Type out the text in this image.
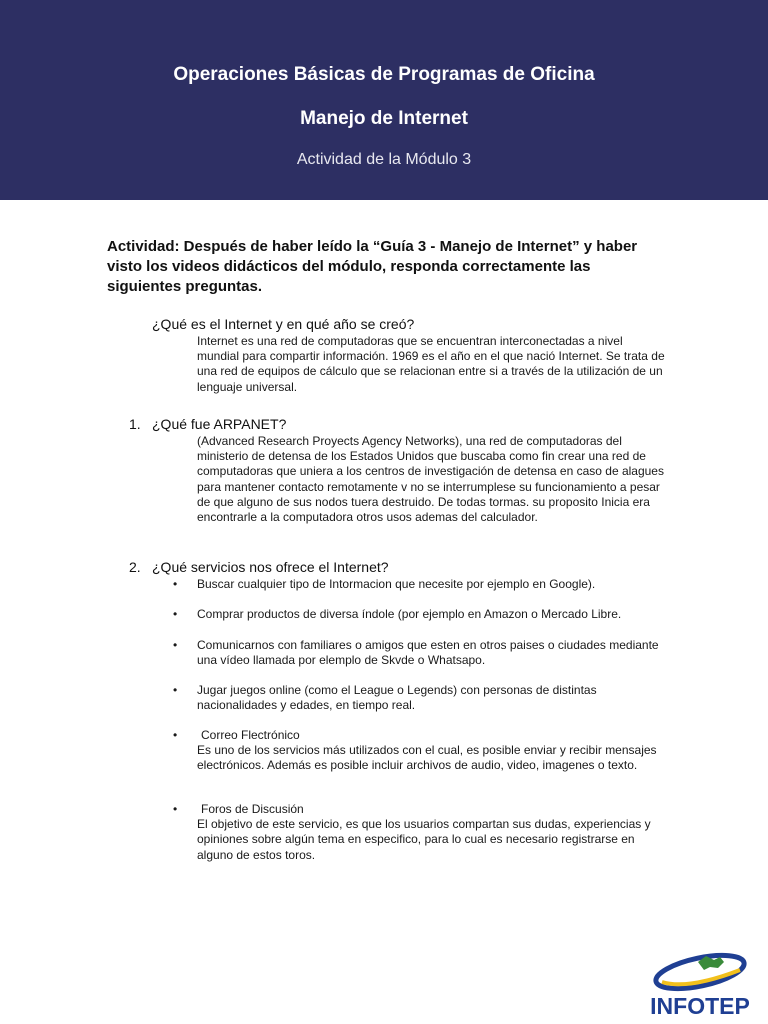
Operaciones Básicas de Programas de Oficina
Manejo de Internet
Actividad de la Módulo 3
Actividad: Después de haber leído la “Guía 3 - Manejo de Internet” y haber visto los videos didácticos del módulo, responda correctamente las siguientes preguntas.
¿Qué es el Internet y en qué año se creó?
Internet es una red de computadoras que se encuentran interconectadas a nivel mundial para compartir información. 1969 es el año en el que nació Internet. Se trata de una red de equipos de cálculo que se relacionan entre si a través de la utilización de un lenguaje universal.
1. ¿Qué fue ARPANET?
(Advanced Research Proyects Agency Networks), una red de computadoras del ministerio de detensa de los Estados Unidos que buscaba como fin crear una red de computadoras que uniera a los centros de investigación de detensa en caso de alagues para mantener contacto remotamente v no se interrumplese su funcionamiento a pesar de que alguno de sus nodos tuera destruido. De todas tormas. su proposito Inicia era encontrarle a la computadora otros usos ademas del calculador.
2. ¿Qué servicios nos ofrece el Internet?
• Buscar cualquier tipo de Intormacion que necesite por ejemplo en Google).
• Comprar productos de diversa índole (por ejemplo en Amazon o Mercado Libre.
• Comunicarnos con familiares o amigos que esten en otros paises o ciudades mediante una vídeo llamada por elemplo de Skvde o Whatsapo.
• Jugar juegos online (como el League o Legends) con personas de distintas nacionalidades y edades, en tiempo real.
•	Correo Flectrónico
Es uno de los servicios más utilizados con el cual, es posible enviar y recibir mensajes electrónicos. Además es posible incluir archivos de audio, video, imagenes o texto.
•	Foros de Discusión
El objetivo de este servicio, es que los usuarios compartan sus dudas, experiencias y opiniones sobre algún tema en especifico, para lo cual es necesario registrarse en alguno de estos toros.
INFOTEP
